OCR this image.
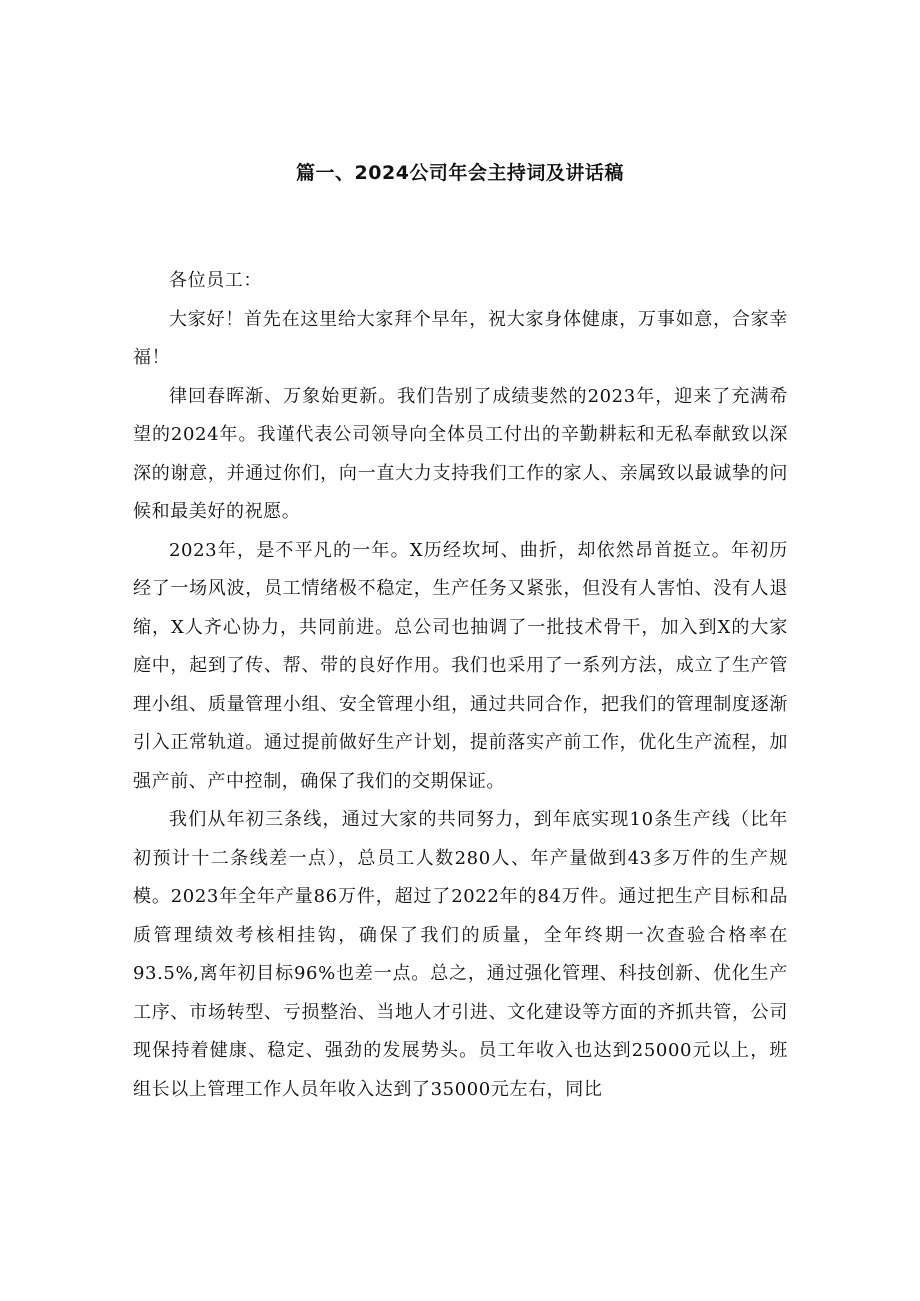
篇一、2024公司年会主持词及讲话稿

各位员工：

大家好！首先在这里给大家拜个早年，祝大家身体健康，万事如意，合家幸福！

律回春晖渐、万象始更新。我们告别了成绩斐然的2023年，迎来了充满希望的2024年。我谨代表公司领导向全体员工付出的辛勤耕耘和无私奉献致以深深的谢意，并通过你们，向一直大力支持我们工作的家人、亲属致以最诚挚的问候和最美好的祝愿。

2023年，是不平凡的一年。X历经坎坷、曲折，却依然昂首挺立。年初历经了一场风波，员工情绪极不稳定，生产任务又紧张，但没有人害怕、没有人退缩，X人齐心协力，共同前进。总公司也抽调了一批技术骨干，加入到X的大家庭中，起到了传、帮、带的良好作用。我们也采用了一系列方法，成立了生产管理小组、质量管理小组、安全管理小组，通过共同合作，把我们的管理制度逐渐引入正常轨道。通过提前做好生产计划，提前落实产前工作，优化生产流程，加强产前、产中控制，确保了我们的交期保证。

我们从年初三条线，通过大家的共同努力，到年底实现10条生产线（比年初预计十二条线差一点），总员工人数280人、年产量做到43多万件的生产规模。2023年全年产量86万件，超过了2022年的84万件。通过把生产目标和品质管理绩效考核相挂钩，确保了我们的质量，全年终期一次查验合格率在93.5%,离年初目标96%也差一点。总之，通过强化管理、科技创新、优化生产工序、市场转型、亏损整治、当地人才引进、文化建设等方面的齐抓共管，公司现保持着健康、稳定、强劲的发展势头。员工年收入也达到25000元以上，班组长以上管理工作人员年收入达到了35000元左右，同比
